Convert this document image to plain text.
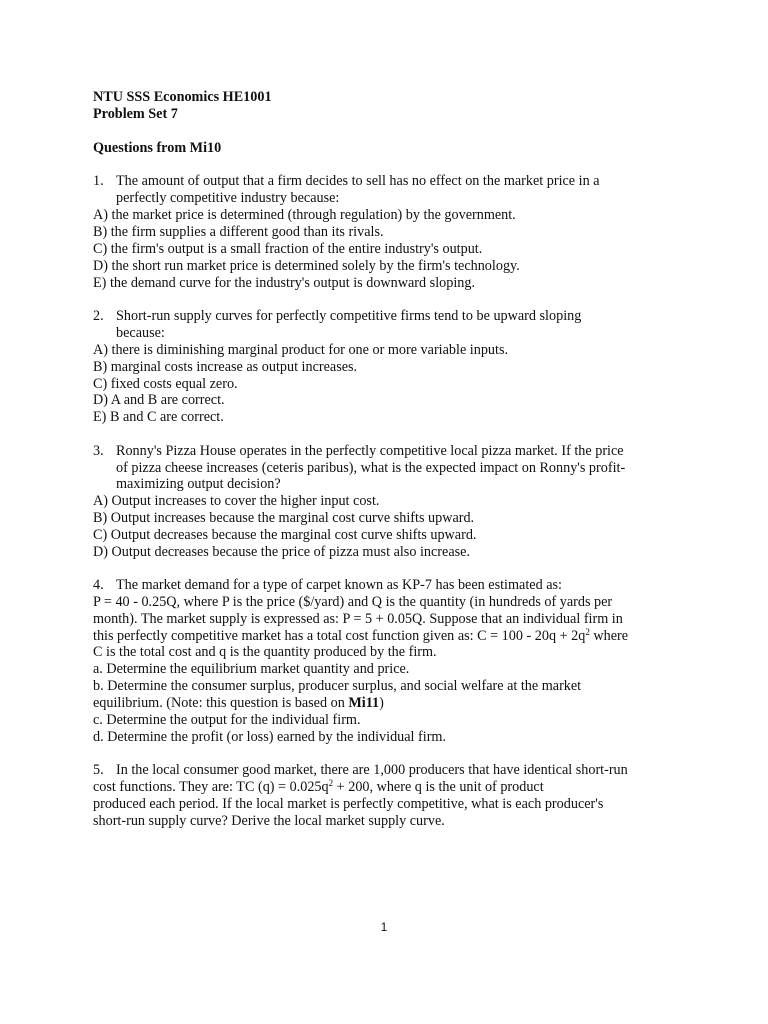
NTU SSS Economics HE1001
Problem Set 7
Questions from Mi10
1. The amount of output that a firm decides to sell has no effect on the market price in a
perfectly competitive industry because:
A) the market price is determined (through regulation) by the government.
B) the firm supplies a different good than its rivals.
C) the firm's output is a small fraction of the entire industry's output.
D) the short run market price is determined solely by the firm's technology.
E) the demand curve for the industry's output is downward sloping.
2. Short-run supply curves for perfectly competitive firms tend to be upward sloping
because:
A) there is diminishing marginal product for one or more variable inputs.
B) marginal costs increase as output increases.
C) fixed costs equal zero.
D) A and B are correct.
E) B and C are correct.
3. Ronny's Pizza House operates in the perfectly competitive local pizza market. If the price
of pizza cheese increases (ceteris paribus), what is the expected impact on Ronny's profit-
maximizing output decision?
A) Output increases to cover the higher input cost.
B) Output increases because the marginal cost curve shifts upward.
C) Output decreases because the marginal cost curve shifts upward.
D) Output decreases because the price of pizza must also increase.
4. The market demand for a type of carpet known as KP-7 has been estimated as:
P = 40 - 0.25Q, where P is the price ($/yard) and Q is the quantity (in hundreds of yards per
month). The market supply is expressed as: P = 5 + 0.05Q. Suppose that an individual firm in
this perfectly competitive market has a total cost function given as: $C = 100 - 20q + 2q^2$ where
C is the total cost and q is the quantity produced by the firm.
a. Determine the equilibrium market quantity and price.
b. Determine the consumer surplus, producer surplus, and social welfare at the market
equilibrium. (Note: this question is based on Mi11)
c. Determine the output for the individual firm.
d. Determine the profit (or loss) earned by the individual firm.
5. In the local consumer good market, there are 1,000 producers that have identical short-run
cost functions. They are: TC $(q) = 0.025q^2 + 200$, where q is the unit of product
produced each period. If the local market is perfectly competitive, what is each producer's
short-run supply curve? Derive the local market supply curve.
1
